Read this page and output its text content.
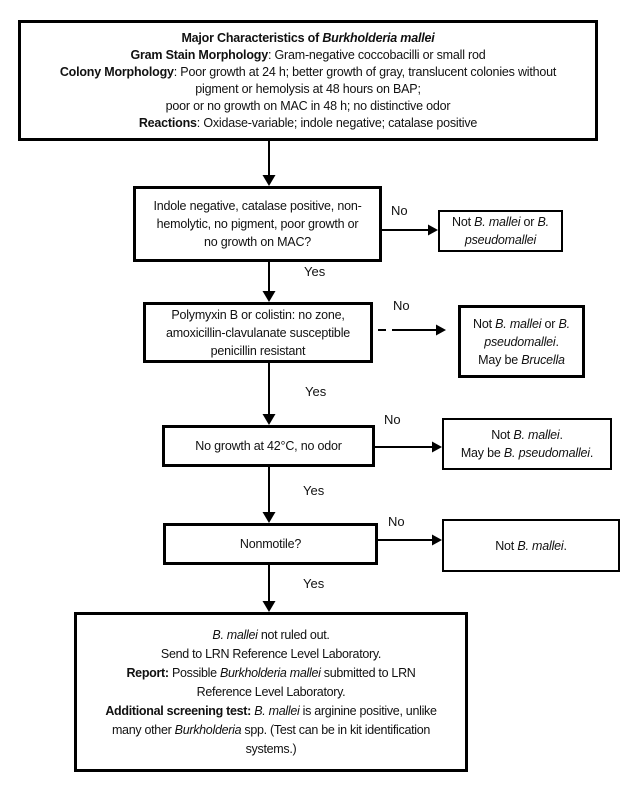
Major Characteristics of Burkholderia mallei
Gram Stain Morphology: Gram-negative coccobacilli or small rod
Colony Morphology: Poor growth at 24 h; better growth of gray, translucent colonies without
pigment or hemolysis at 48 hours on BAP;
poor or no growth on MAC in 48 h; no distinctive odor
Reactions: Oxidase-variable; indole negative; catalase positive
Indole negative, catalase positive, non-
hemolytic, no pigment, poor growth or
no growth on MAC?
No
Yes
Not B. mallei or B.
pseudomallei
Polymyxin B or colistin: no zone,
amoxicillin-clavulanate susceptible
penicillin resistant
No
Yes
Not B. mallei or B.
pseudomallei.
May be Brucella
No growth at 42°C, no odor
No
Yes
Not B. mallei.
May be B. pseudomallei.
Nonmotile?
No
Yes
Not B. mallei.
B. mallei not ruled out.
Send to LRN Reference Level Laboratory.
Report: Possible Burkholderia mallei submitted to LRN
Reference Level Laboratory.
Additional screening test: B. mallei is arginine positive, unlike
many other Burkholderia spp. (Test can be in kit identification
systems.)
